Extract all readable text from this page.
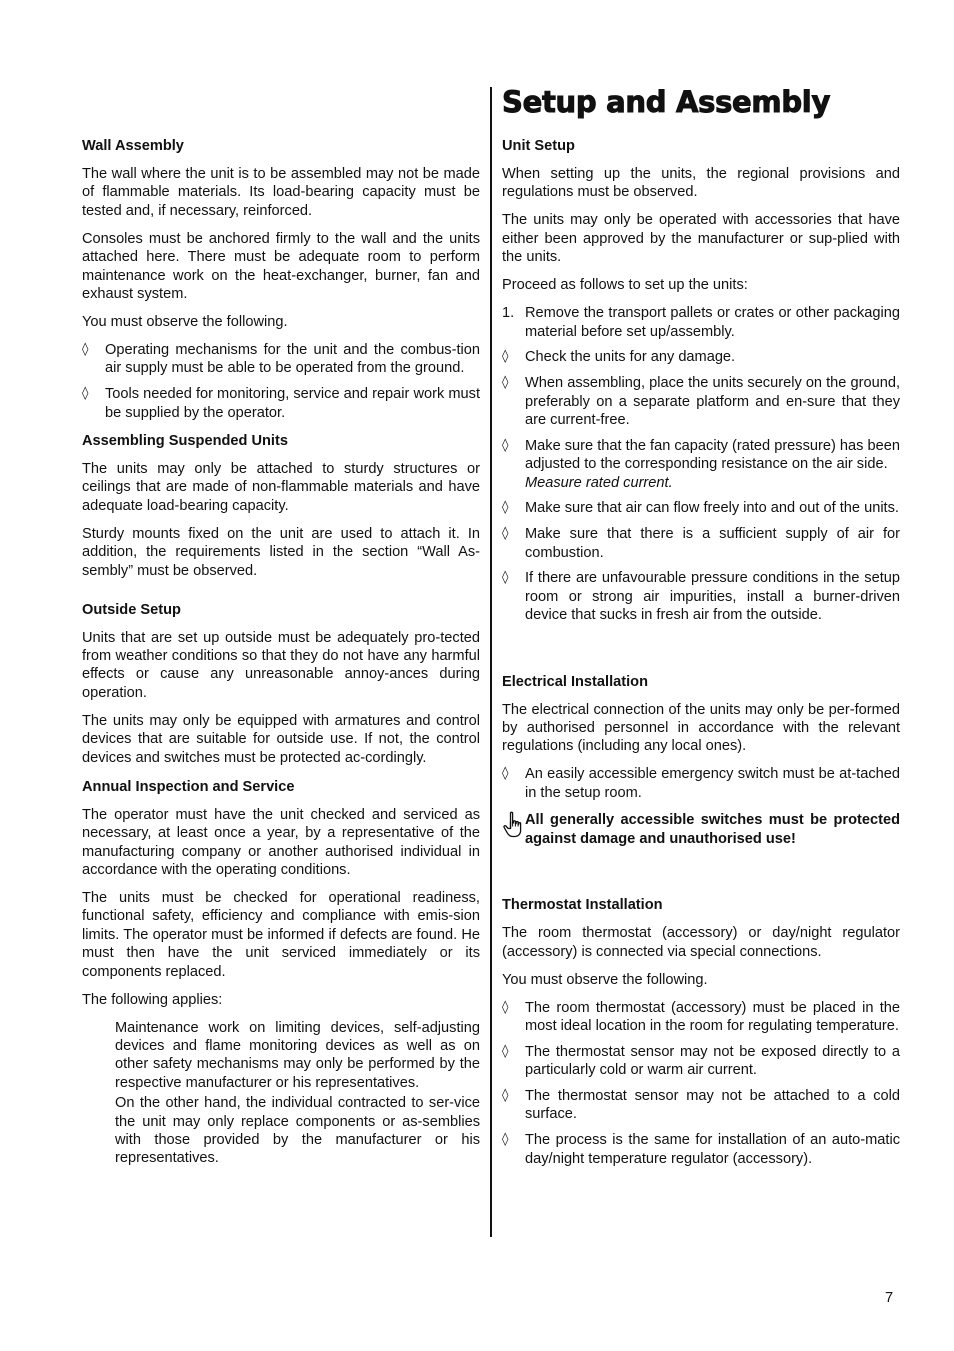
Setup and Assembly
Wall Assembly

The wall where the unit is to be assembled may not be made of flammable materials. Its load-bearing capacity must be tested and, if necessary, reinforced.

Consoles must be anchored firmly to the wall and the units attached here. There must be adequate room to perform maintenance work on the heat-exchanger, burner, fan and exhaust system.

You must observe the following.

◊	Operating mechanisms for the unit and the combus-tion air supply must be able to be operated from the ground.
◊	Tools needed for monitoring, service and repair work must be supplied by the operator.
Assembling Suspended Units

The units may only be attached to sturdy structures or ceilings that are made of non-flammable materials and have adequate load-bearing capacity.

Sturdy mounts fixed on the unit are used to attach it. In addition, the requirements listed in the section “Wall As-sembly” must be observed.

Outside Setup

Units that are set up outside must be adequately pro-tected from weather conditions so that they do not have any harmful effects or cause any unreasonable annoy-ances during operation.

The units may only be equipped with armatures and control devices that are suitable for outside use. If not, the control devices and switches must be protected ac-cordingly.

Annual Inspection and Service

The operator must have the unit checked and serviced as necessary, at least once a year, by a representative of the manufacturing company or another authorised individual in accordance with the operating conditions.

The units must be checked for operational readiness, functional safety, efficiency and compliance with emis-sion limits. The operator must be informed if defects are found. He must then have the unit serviced immediately or its components replaced.

The following applies:

Maintenance work on limiting devices, self-adjusting devices and flame monitoring devices as well as on other safety mechanisms may only be performed by the respective manufacturer or his representatives.

On the other hand, the individual contracted to ser-vice the unit may only replace components or as-semblies with those provided by the manufacturer or his representatives.

Unit Setup

When setting up the units, the regional provisions and regulations must be observed.

The units may only be operated with accessories that have either been approved by the manufacturer or sup-plied with the units.

Proceed as follows to set up the units:

1. Remove the transport pallets or crates or other packaging material before set up/assembly.
◊	Check the units for any damage.
◊	When assembling, place the units securely on the ground, preferably on a separate platform and en-sure that they are current-free.
◊	Make sure that the fan capacity (rated pressure) has been adjusted to the corresponding resistance on the air side.
Measure rated current.
◊	Make sure that air can flow freely into and out of the units.
◊	Make sure that there is a sufficient supply of air for combustion.
◊	If there are unfavourable pressure conditions in the setup room or strong air impurities, install a burner-driven device that sucks in fresh air from the outside.
Electrical Installation

The electrical connection of the units may only be per-formed by authorised personnel in accordance with the relevant regulations (including any local ones).

◊	An easily accessible emergency switch must be at-tached in the setup room.
All generally accessible switches must be protected against damage and unauthorised use!
Thermostat Installation

The room thermostat (accessory) or day/night regulator (accessory) is connected via special connections.

You must observe the following.

◊	The room thermostat (accessory) must be placed in the most ideal location in the room for regulating temperature.
◊	The thermostat sensor may not be exposed directly to a particularly cold or warm air current.
◊	The thermostat sensor may not be attached to a cold surface.
◊	The process is the same for installation of an auto-matic day/night temperature regulator (accessory).
7
